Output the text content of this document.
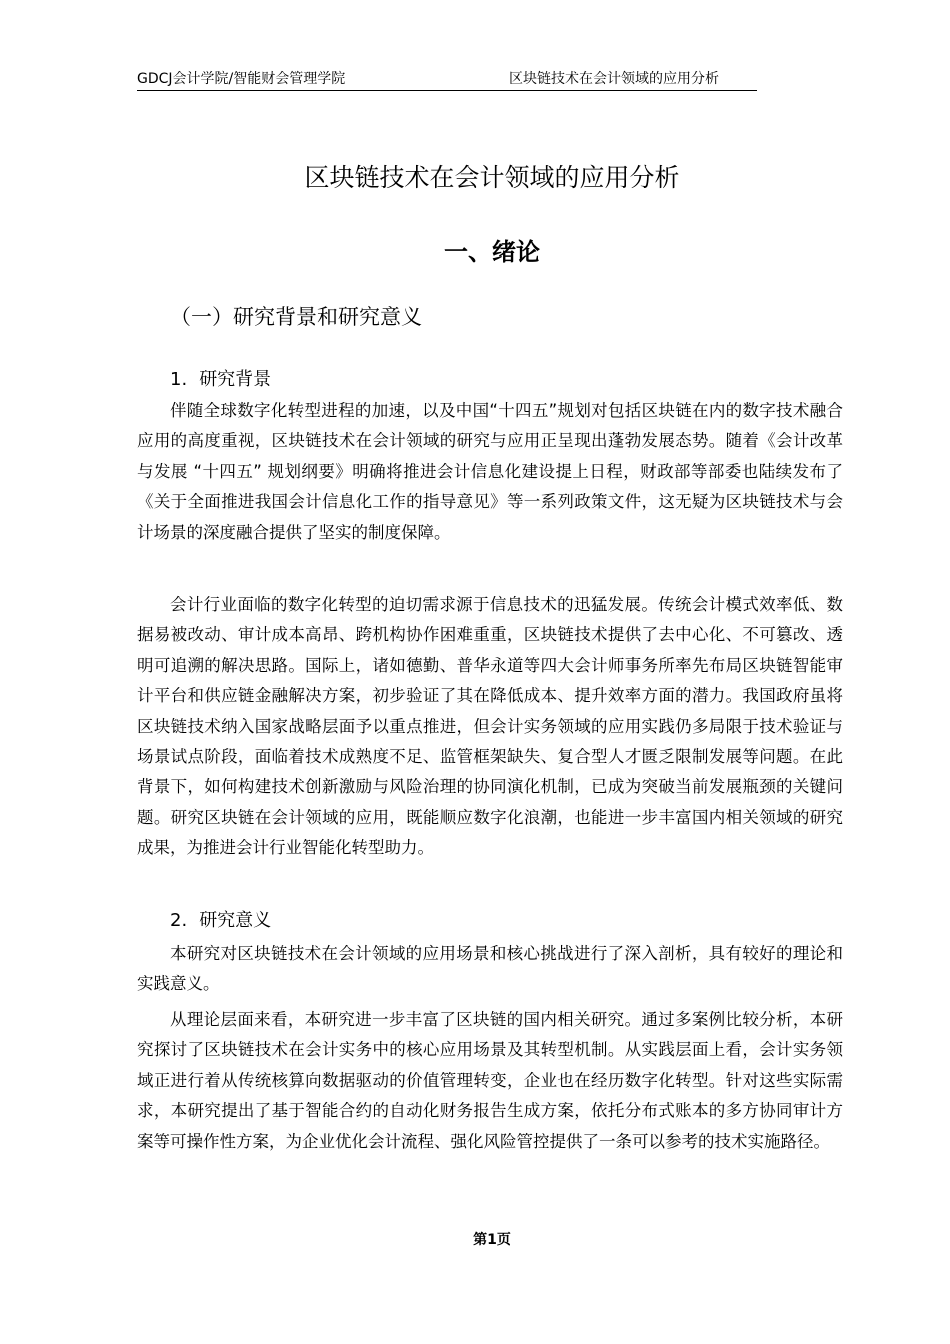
GDCJ会计学院/智能财会管理学院	区块链技术在会计领域的应用分析
区块链技术在会计领域的应用分析
一、绪论
（一）研究背景和研究意义
1. 研究背景

伴随全球数字化转型进程的加速，以及中国“十四五”规划对包括区块链在内的数字技术融合应用的高度重视，区块链技术在会计领域的研究与应用正呈现出蓬勃发展态势。随着《会计改革与发展 “十四五” 规划纲要》明确将推进会计信息化建设提上日程，财政部等部委也陆续发布了《关于全面推进我国会计信息化工作的指导意见》等一系列政策文件，这无疑为区块链技术与会计场景的深度融合提供了坚实的制度保障。

会计行业面临的数字化转型的迫切需求源于信息技术的迅猛发展。传统会计模式效率低、数据易被改动、审计成本高昂、跨机构协作困难重重，区块链技术提供了去中心化、不可篡改、透明可追溯的解决思路。国际上，诸如德勤、普华永道等四大会计师事务所率先布局区块链智能审计平台和供应链金融解决方案，初步验证了其在降低成本、提升效率方面的潜力。我国政府虽将区块链技术纳入国家战略层面予以重点推进，但会计实务领域的应用实践仍多局限于技术验证与场景试点阶段，面临着技术成熟度不足、监管框架缺失、复合型人才匮乏限制发展等问题。在此背景下，如何构建技术创新激励与风险治理的协同演化机制，已成为突破当前发展瓶颈的关键问题。研究区块链在会计领域的应用，既能顺应数字化浪潮，也能进一步丰富国内相关领域的研究成果，为推进会计行业智能化转型助力。

2. 研究意义

本研究对区块链技术在会计领域的应用场景和核心挑战进行了深入剖析，具有较好的理论和实践意义。

从理论层面来看，本研究进一步丰富了区块链的国内相关研究。通过多案例比较分析，本研究探讨了区块链技术在会计实务中的核心应用场景及其转型机制。从实践层面上看，会计实务领域正进行着从传统核算向数据驱动的价值管理转变，企业也在经历数字化转型。针对这些实际需求，本研究提出了基于智能合约的自动化财务报告生成方案，依托分布式账本的多方协同审计方案等可操作性方案，为企业优化会计流程、强化风险管控提供了一条可以参考的技术实施路径。

第1页
